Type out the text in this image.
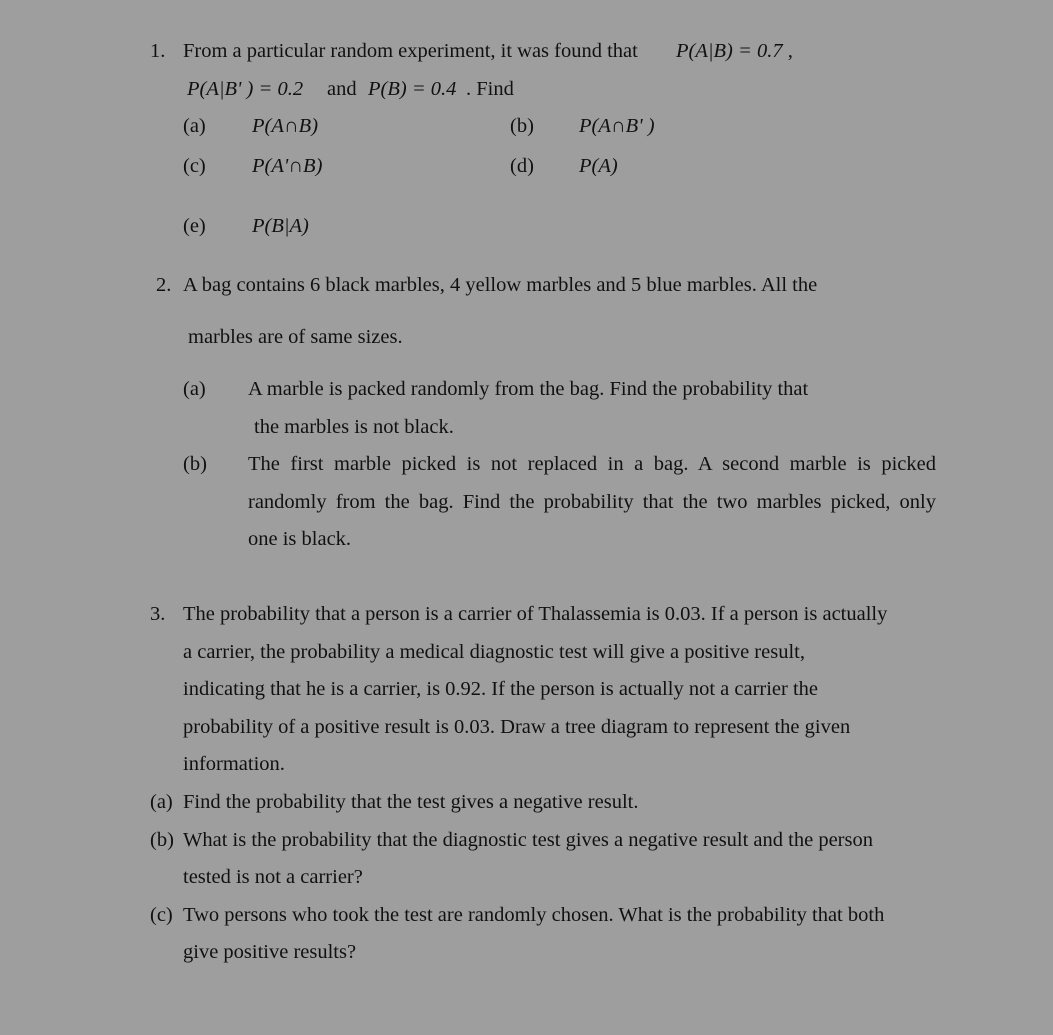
1. From a particular random experiment, it was found that P(A|B) = 0.7 ,
P(A|B' ) = 0.2 and P(B) = 0.4 . Find
(a) P(A∩B)	(b) P(A∩B' )
(c) P(A'∩B)	(d) P(A)
(e) P(B|A)
2. A bag contains 6 black marbles, 4 yellow marbles and 5 blue marbles. All the
marbles are of same sizes.
(a) A marble is packed randomly from the bag. Find the probability that
the marbles is not black.
(b) The first marble picked is not replaced in a bag. A second marble is picked
randomly from the bag. Find the probability that the two marbles picked, only
one is black.
3. The probability that a person is a carrier of Thalassemia is 0.03. If a person is actually
a carrier, the probability a medical diagnostic test will give a positive result,
indicating that he is a carrier, is 0.92. If the person is actually not a carrier the
probability of a positive result is 0.03. Draw a tree diagram to represent the given
information.
(a) Find the probability that the test gives a negative result.
(b) What is the probability that the diagnostic test gives a negative result and the person
tested is not a carrier?
(c) Two persons who took the test are randomly chosen. What is the probability that both
give positive results?
